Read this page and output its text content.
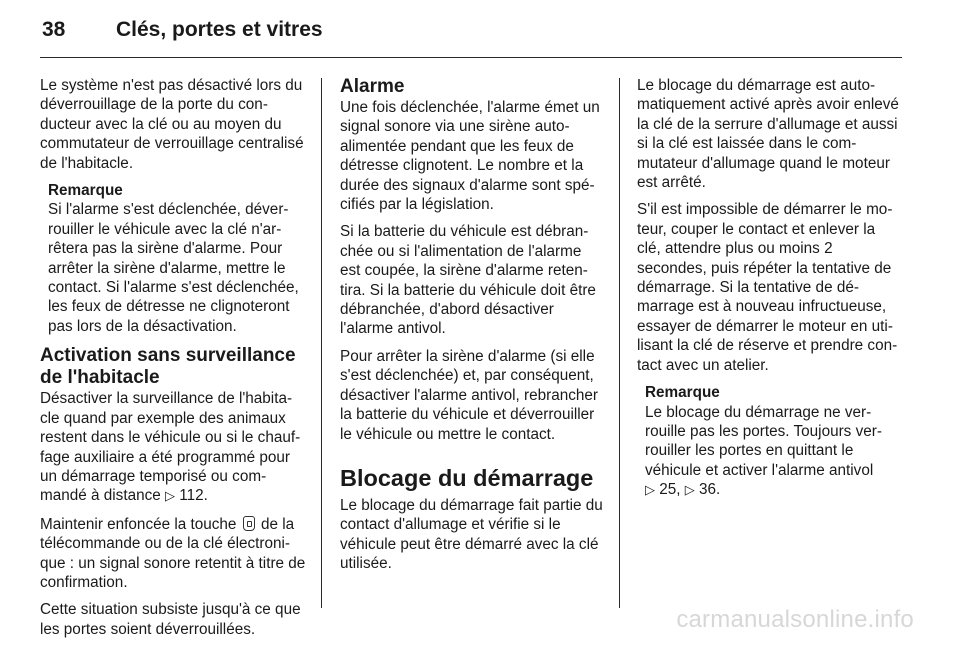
38 Clés, portes et vitres

Le système n'est pas désactivé lors du déverrouillage de la porte du conducteur avec la clé ou au moyen du commutateur de verrouillage centralisé de l'habitacle.

Remarque
Si l'alarme s'est déclenchée, déverrouiller le véhicule avec la clé n'arrêtera pas la sirène d'alarme. Pour arrêter la sirène d'alarme, mettre le contact. Si l'alarme s'est déclenchée, les feux de détresse ne clignoteront pas lors de la désactivation.
Activation sans surveillance de l'habitacle

Désactiver la surveillance de l'habitacle quand par exemple des animaux restent dans le véhicule ou si le chauffage auxiliaire a été programmé pour un démarrage temporisé ou commandé à distance ▷ 112.

Maintenir enfoncée la touche de la télécommande ou de la clé électronique : un signal sonore retentit à titre de confirmation.

Cette situation subsiste jusqu'à ce que les portes soient déverrouillées.

Alarme

Une fois déclenchée, l'alarme émet un signal sonore via une sirène autoalimentée pendant que les feux de détresse clignotent. Le nombre et la durée des signaux d'alarme sont spécifiés par la législation.

Si la batterie du véhicule est débranchée ou si l'alimentation de l'alarme est coupée, la sirène d'alarme retentira. Si la batterie du véhicule doit être débranchée, d'abord désactiver l'alarme antivol.

Pour arrêter la sirène d'alarme (si elle s'est déclenchée) et, par conséquent, désactiver l'alarme antivol, rebrancher la batterie du véhicule et déverrouiller le véhicule ou mettre le contact.

Blocage du démarrage

Le blocage du démarrage fait partie du contact d'allumage et vérifie si le véhicule peut être démarré avec la clé utilisée.

Le blocage du démarrage est automatiquement activé après avoir enlevé la clé de la serrure d'allumage et aussi si la clé est laissée dans le commutateur d'allumage quand le moteur est arrêté.

S'il est impossible de démarrer le moteur, couper le contact et enlever la clé, attendre plus ou moins 2 secondes, puis répéter la tentative de démarrage. Si la tentative de démarrage est à nouveau infructueuse, essayer de démarrer le moteur en utilisant la clé de réserve et prendre contact avec un atelier.

Remarque
Le blocage du démarrage ne verrouille pas les portes. Toujours verrouiller les portes en quittant le véhicule et activer l'alarme antivol
▷ 25, ▷ 36.
carmanualsonline.info
